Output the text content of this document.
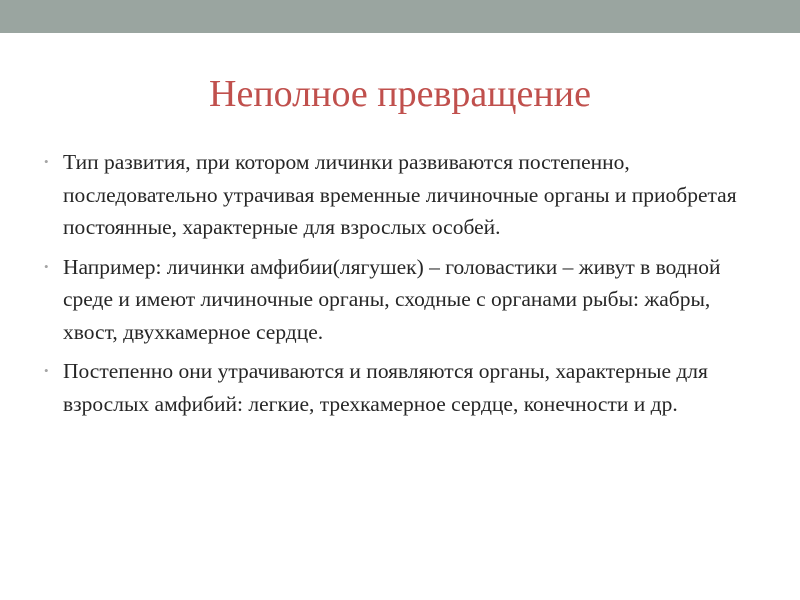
Неполное превращение
• Тип развития, при котором личинки развиваются постепенно, последовательно утрачивая временные личиночные органы и приобретая постоянные, характерные для взрослых особей.
• Например: личинки амфибии(лягушек) – головастики – живут в водной среде и имеют личиночные органы, сходные с органами рыбы: жабры, хвост, двухкамерное сердце.
• Постепенно они утрачиваются и появляются органы, характерные для взрослых амфибий: легкие, трехкамерное сердце, конечности и др.
